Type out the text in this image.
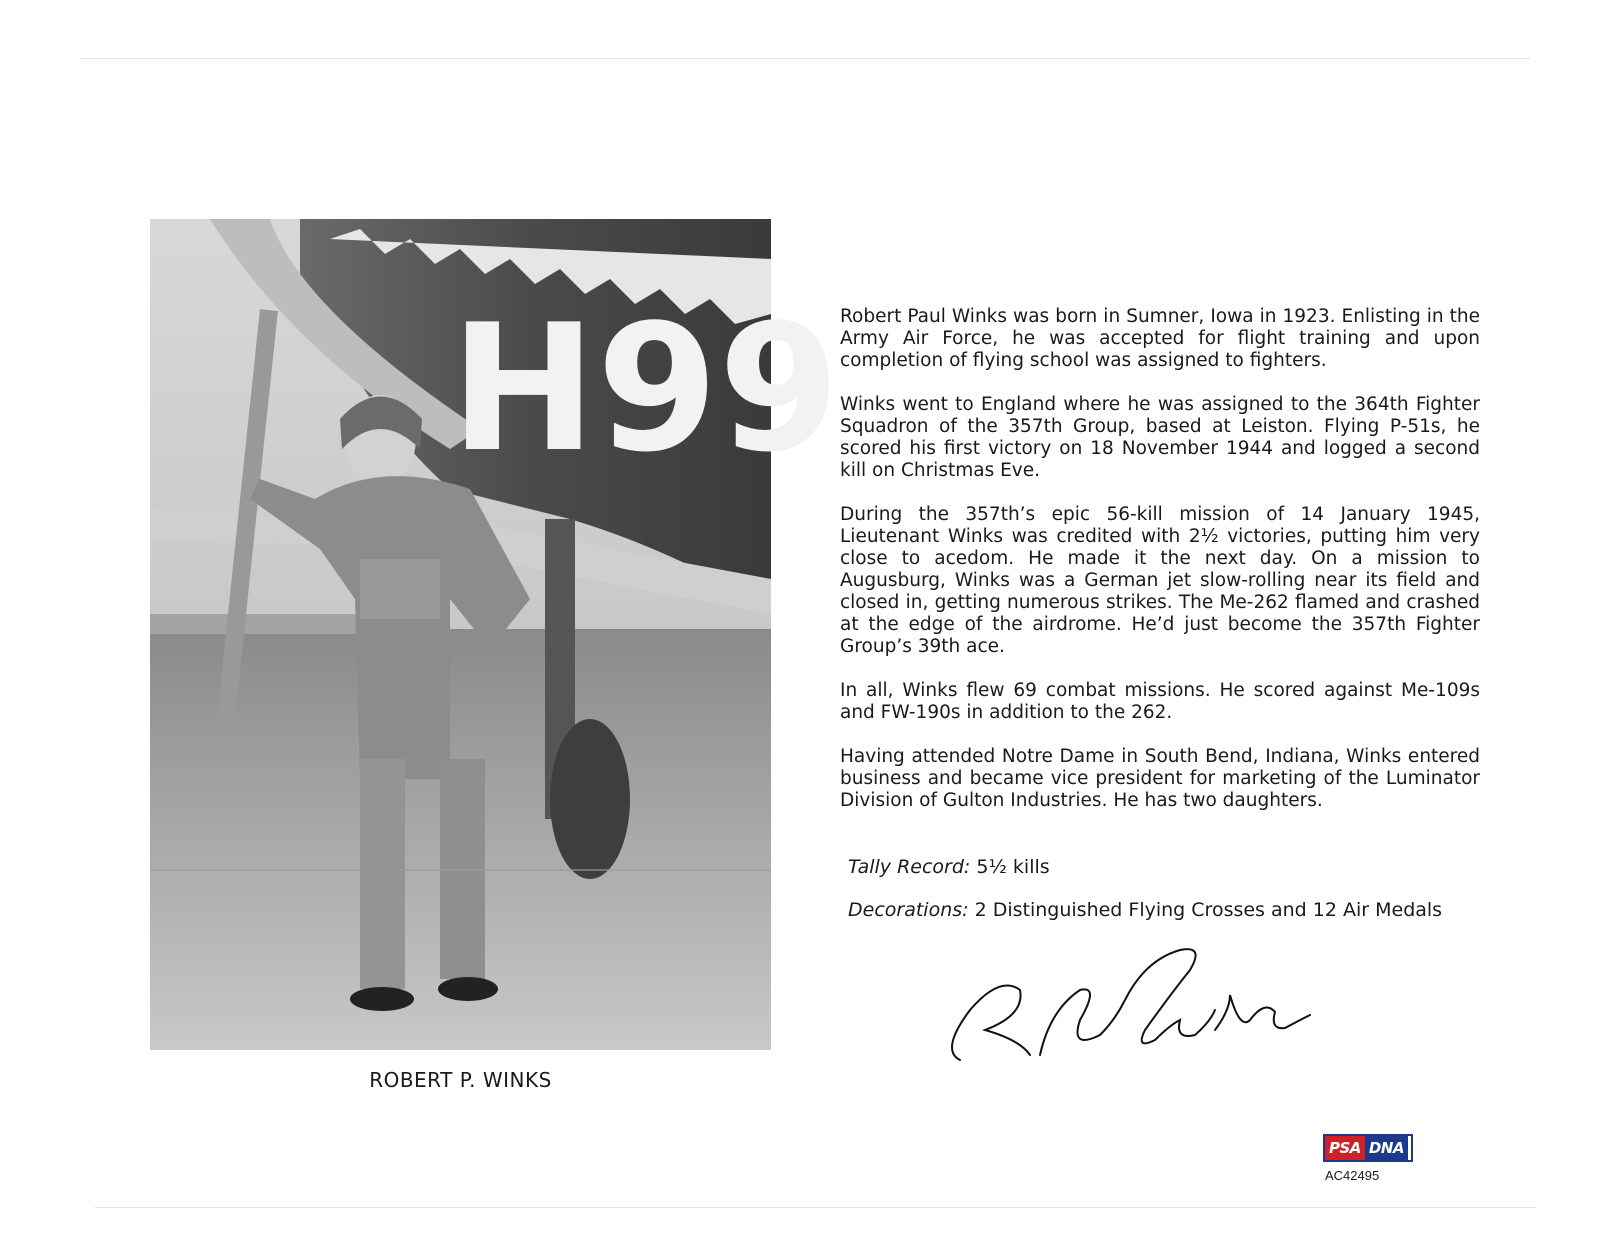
H99
ROBERT P. WINKS

Robert Paul Winks was born in Sumner, Iowa in 1923. Enlisting in the Army Air Force, he was accepted for flight training and upon completion of flying school was assigned to fighters.

Winks went to England where he was assigned to the 364th Fighter Squadron of the 357th Group, based at Leiston. Flying P-51s, he scored his first victory on 18 November 1944 and logged a second kill on Christmas Eve.

During the 357th’s epic 56-kill mission of 14 January 1945, Lieutenant Winks was credited with 2½ victories, putting him very close to acedom. He made it the next day. On a mission to Augusburg, Winks was a German jet slow-rolling near its field and closed in, getting numerous strikes. The Me-262 flamed and crashed at the edge of the airdrome. He’d just become the 357th Fighter Group’s 39th ace.

In all, Winks flew 69 combat missions. He scored against Me-109s and FW-190s in addition to the 262.

Having attended Notre Dame in South Bend, Indiana, Winks entered business and became vice president for marketing of the Luminator Division of Gulton Industries. He has two daughters.

Tally Record: 5½ kills
Decorations: 2 Distinguished Flying Crosses and 12 Air Medals
PSA DNA
AC42495
